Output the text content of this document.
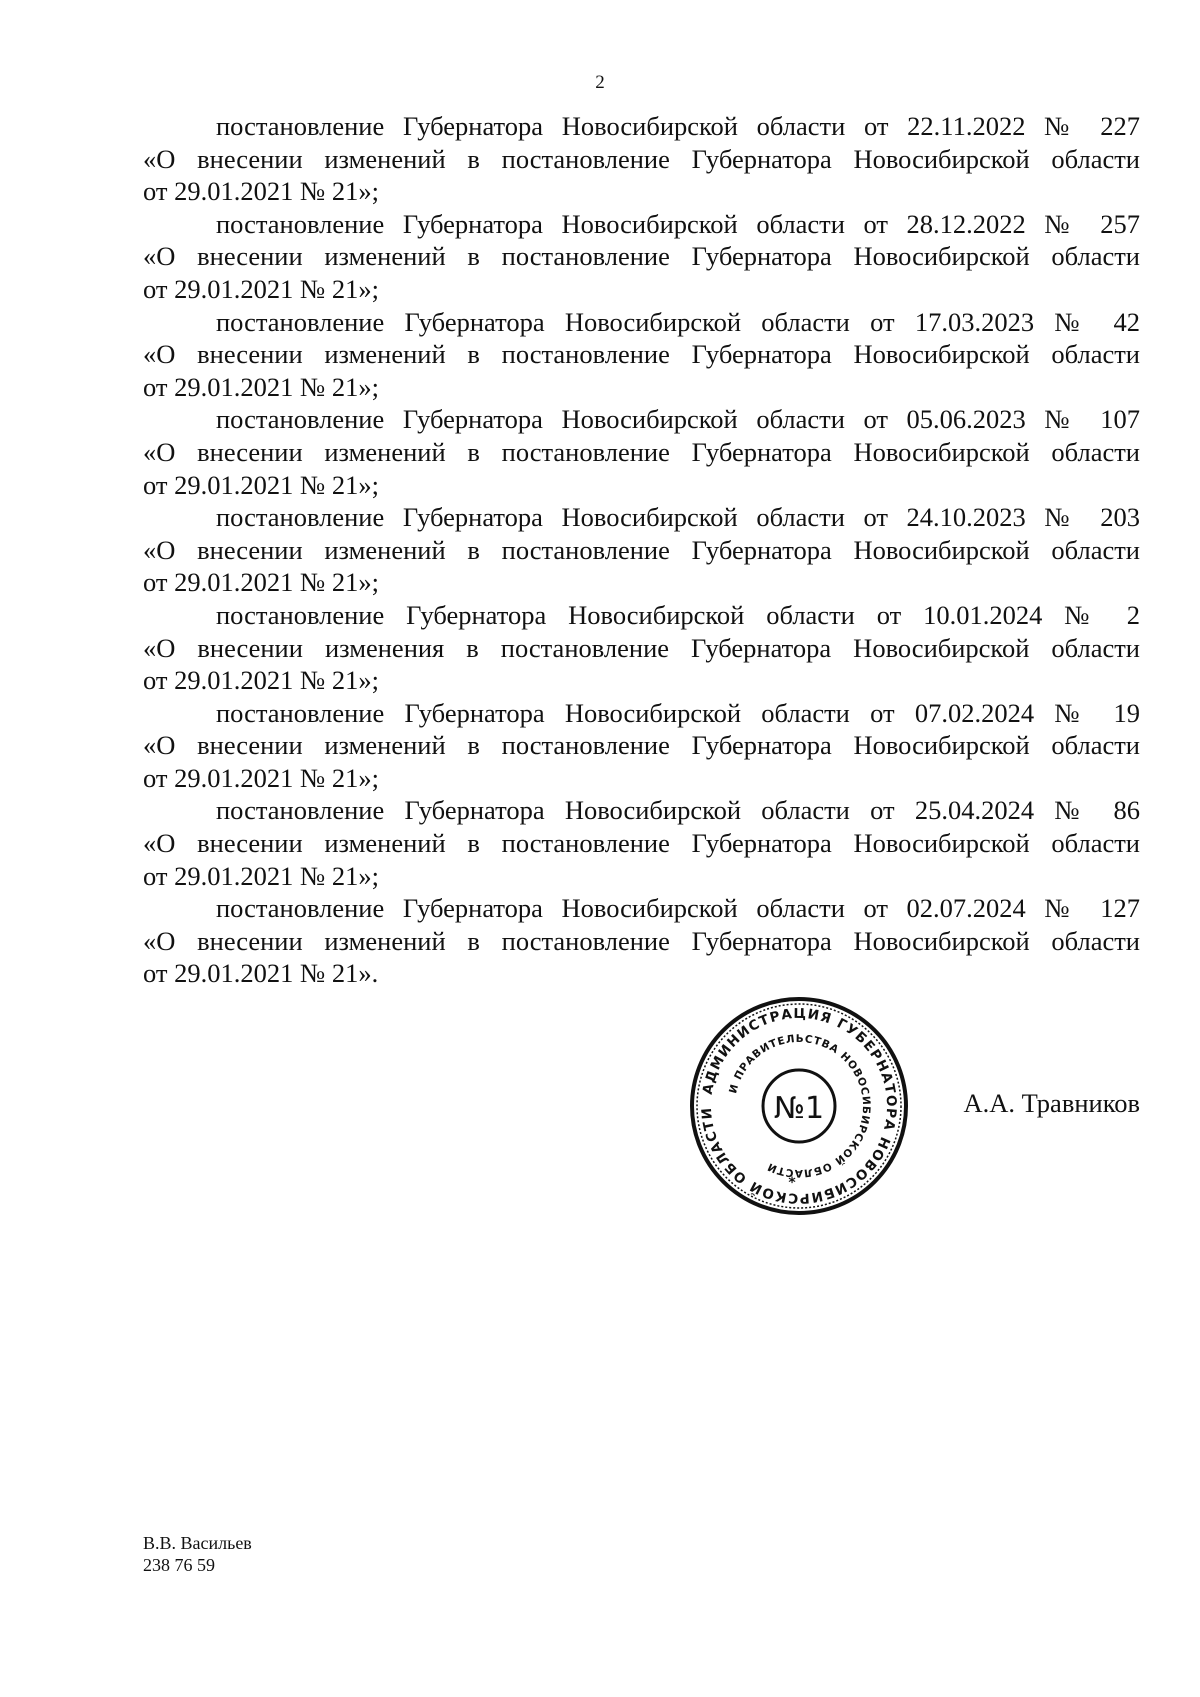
2

постановление Губернатора Новосибирской области от 22.11.2022 № 227
«О внесении изменений в постановление Губернатора Новосибирской области
от 29.01.2021 № 21»;

постановление Губернатора Новосибирской области от 28.12.2022 № 257
«О внесении изменений в постановление Губернатора Новосибирской области
от 29.01.2021 № 21»;

постановление Губернатора Новосибирской области от 17.03.2023 № 42
«О внесении изменений в постановление Губернатора Новосибирской области
от 29.01.2021 № 21»;

постановление Губернатора Новосибирской области от 05.06.2023 № 107
«О внесении изменений в постановление Губернатора Новосибирской области
от 29.01.2021 № 21»;

постановление Губернатора Новосибирской области от 24.10.2023 № 203
«О внесении изменений в постановление Губернатора Новосибирской области
от 29.01.2021 № 21»;

постановление Губернатора Новосибирской области от 10.01.2024 № 2
«О внесении изменения в постановление Губернатора Новосибирской области
от 29.01.2021 № 21»;

постановление Губернатора Новосибирской области от 07.02.2024 № 19
«О внесении изменений в постановление Губернатора Новосибирской области
от 29.01.2021 № 21»;

постановление Губернатора Новосибирской области от 25.04.2024 № 86
«О внесении изменений в постановление Губернатора Новосибирской области
от 29.01.2021 № 21»;

постановление Губернатора Новосибирской области от 02.07.2024 № 127
«О внесении изменений в постановление Губернатора Новосибирской области
от 29.01.2021 № 21».

АДМИНИСТРАЦИЯ ГУБЕРНАТОРА НОВОСИБИРСКОЙ ОБЛАСТИ
И ПРАВИТЕЛЬСТВА НОВОСИБИРСКОЙ ОБЛАСТИ
№1
*
А.А. Травников
В.В. Васильев
238 76 59
